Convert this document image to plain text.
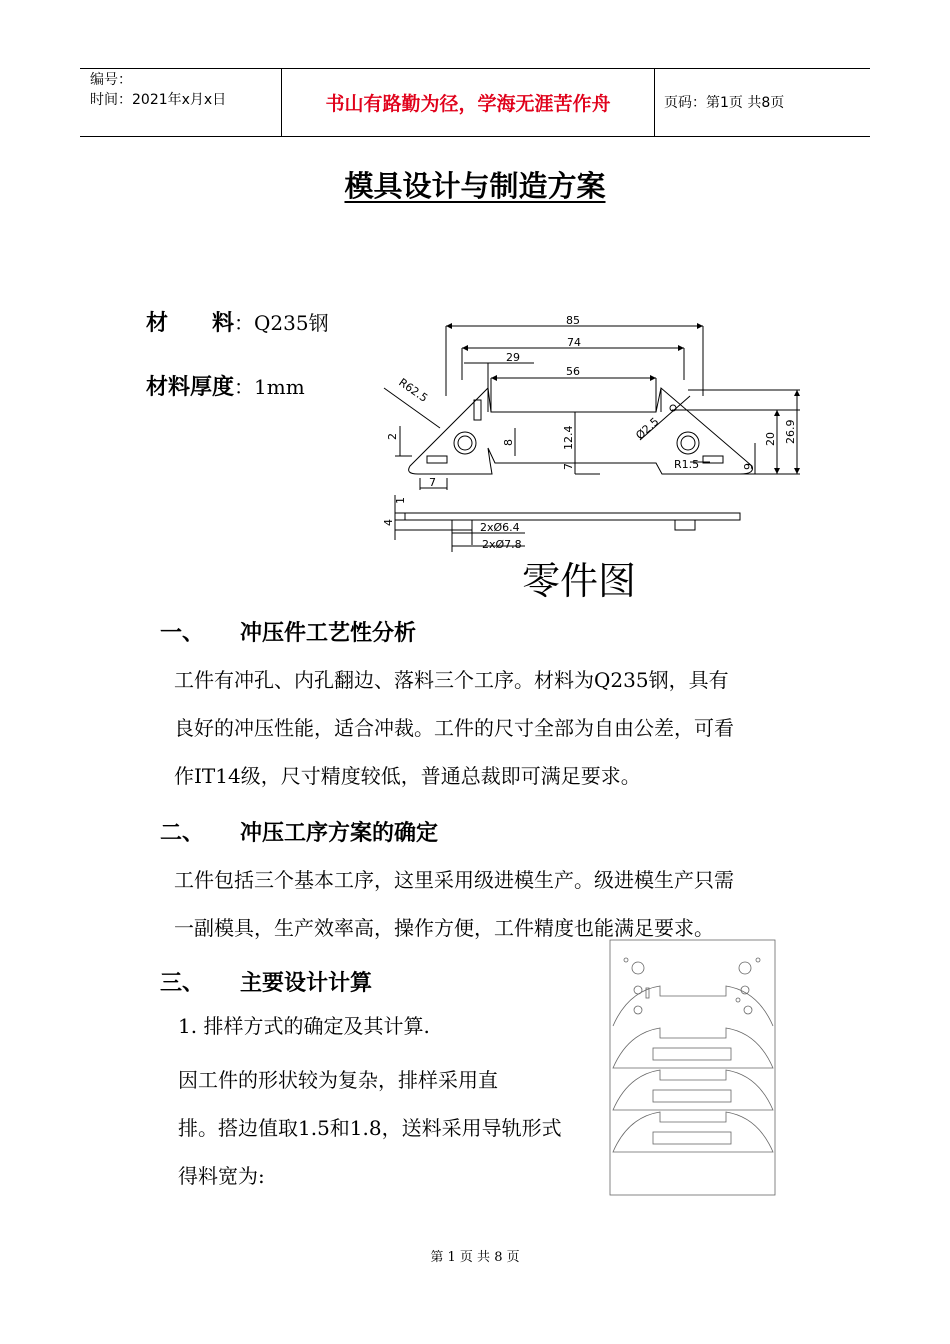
编号：
时间：2021年x月x日	书山有路勤为径，学海无涯苦作舟	页码：第1页 共8页
模具设计与制造方案
材　　料：Q235钢
材料厚度：1mm
85
74
29
56
R62.5
2
8	12.4
7
Ø2.5
R1.5	9
20 26.9
7
1
4	2xØ6.4
2xØ7.8
零件图
一、 冲压件工艺性分析
工件有冲孔、内孔翻边、落料三个工序。材料为Q235钢，具有
良好的冲压性能，适合冲裁。工件的尺寸全部为自由公差，可看
作IT14级，尺寸精度较低，普通总裁即可满足要求。
二、 冲压工序方案的确定
工件包括三个基本工序，这里采用级进模生产。级进模生产只需
一副模具，生产效率高，操作方便，工件精度也能满足要求。
三、 主要设计计算
1. 排样方式的确定及其计算.
因工件的形状较为复杂，排样采用直
排。搭边值取1.5和1.8，送料采用导轨形式
得料宽为:
第 1 页 共 8 页
